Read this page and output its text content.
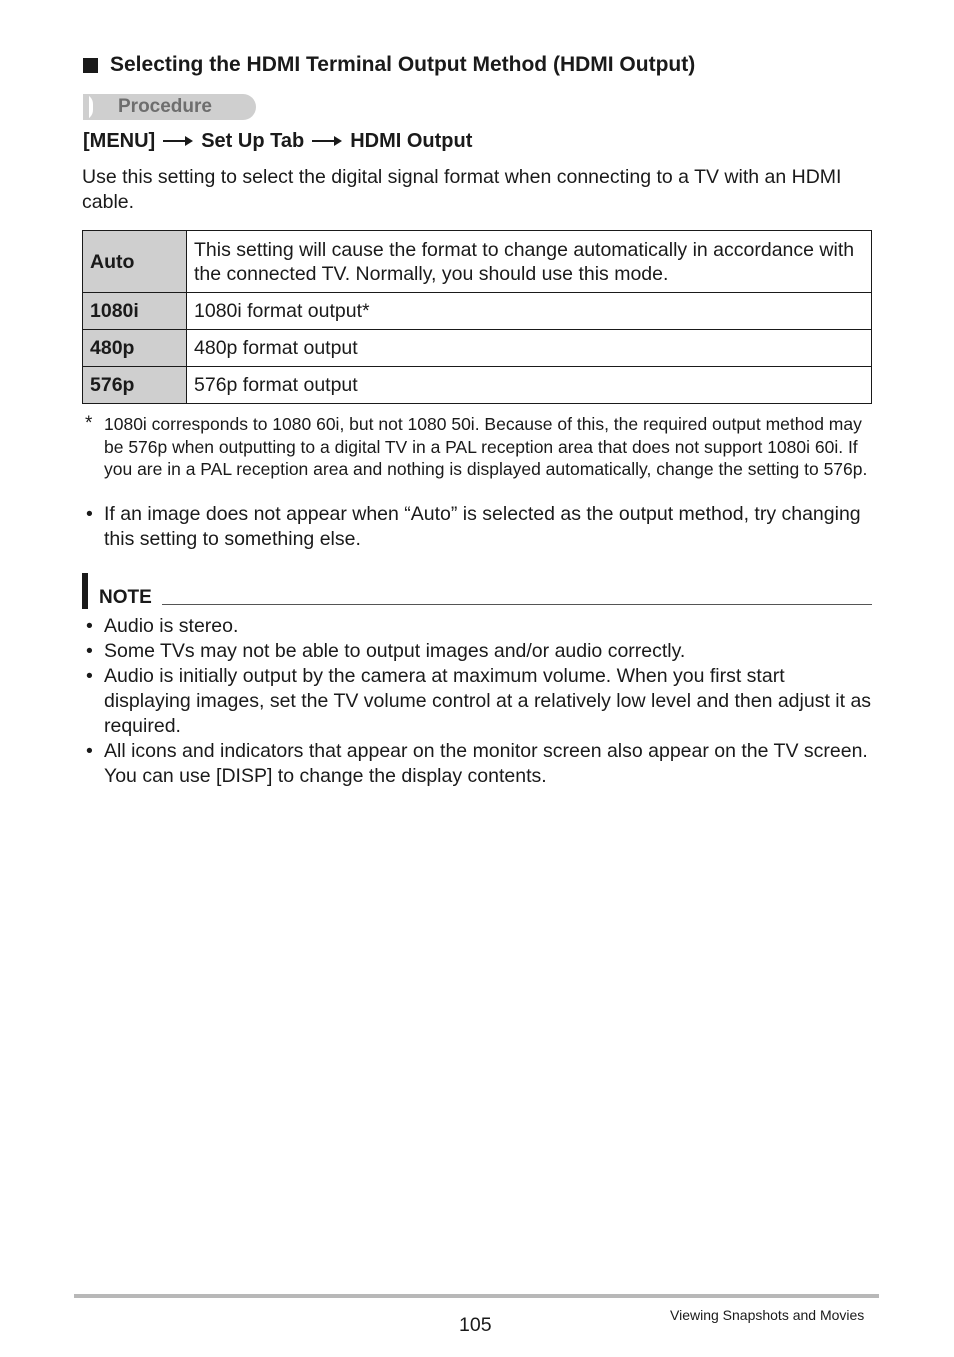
Selecting the HDMI Terminal Output Method (HDMI Output)
Procedure
[MENU] Set Up Tab HDMI Output
Use this setting to select the digital signal format when connecting to a TV with an HDMI cable.
Auto	This setting will cause the format to change automatically in accordance with the connected TV. Normally, you should use this mode.
1080i	1080i format output*
480p	480p format output
576p	576p format output
* 1080i corresponds to 1080 60i, but not 1080 50i. Because of this, the required output method may be 576p when outputting to a digital TV in a PAL reception area that does not support 1080i 60i. If you are in a PAL reception area and nothing is displayed automatically, change the setting to 576p.
• If an image does not appear when “Auto” is selected as the output method, try changing this setting to something else.
NOTE
• Audio is stereo.
• Some TVs may not be able to output images and/or audio correctly.
• Audio is initially output by the camera at maximum volume. When you first start displaying images, set the TV volume control at a relatively low level and then adjust it as required.
• All icons and indicators that appear on the monitor screen also appear on the TV screen. You can use [DISP] to change the display contents.
105	Viewing Snapshots and Movies
